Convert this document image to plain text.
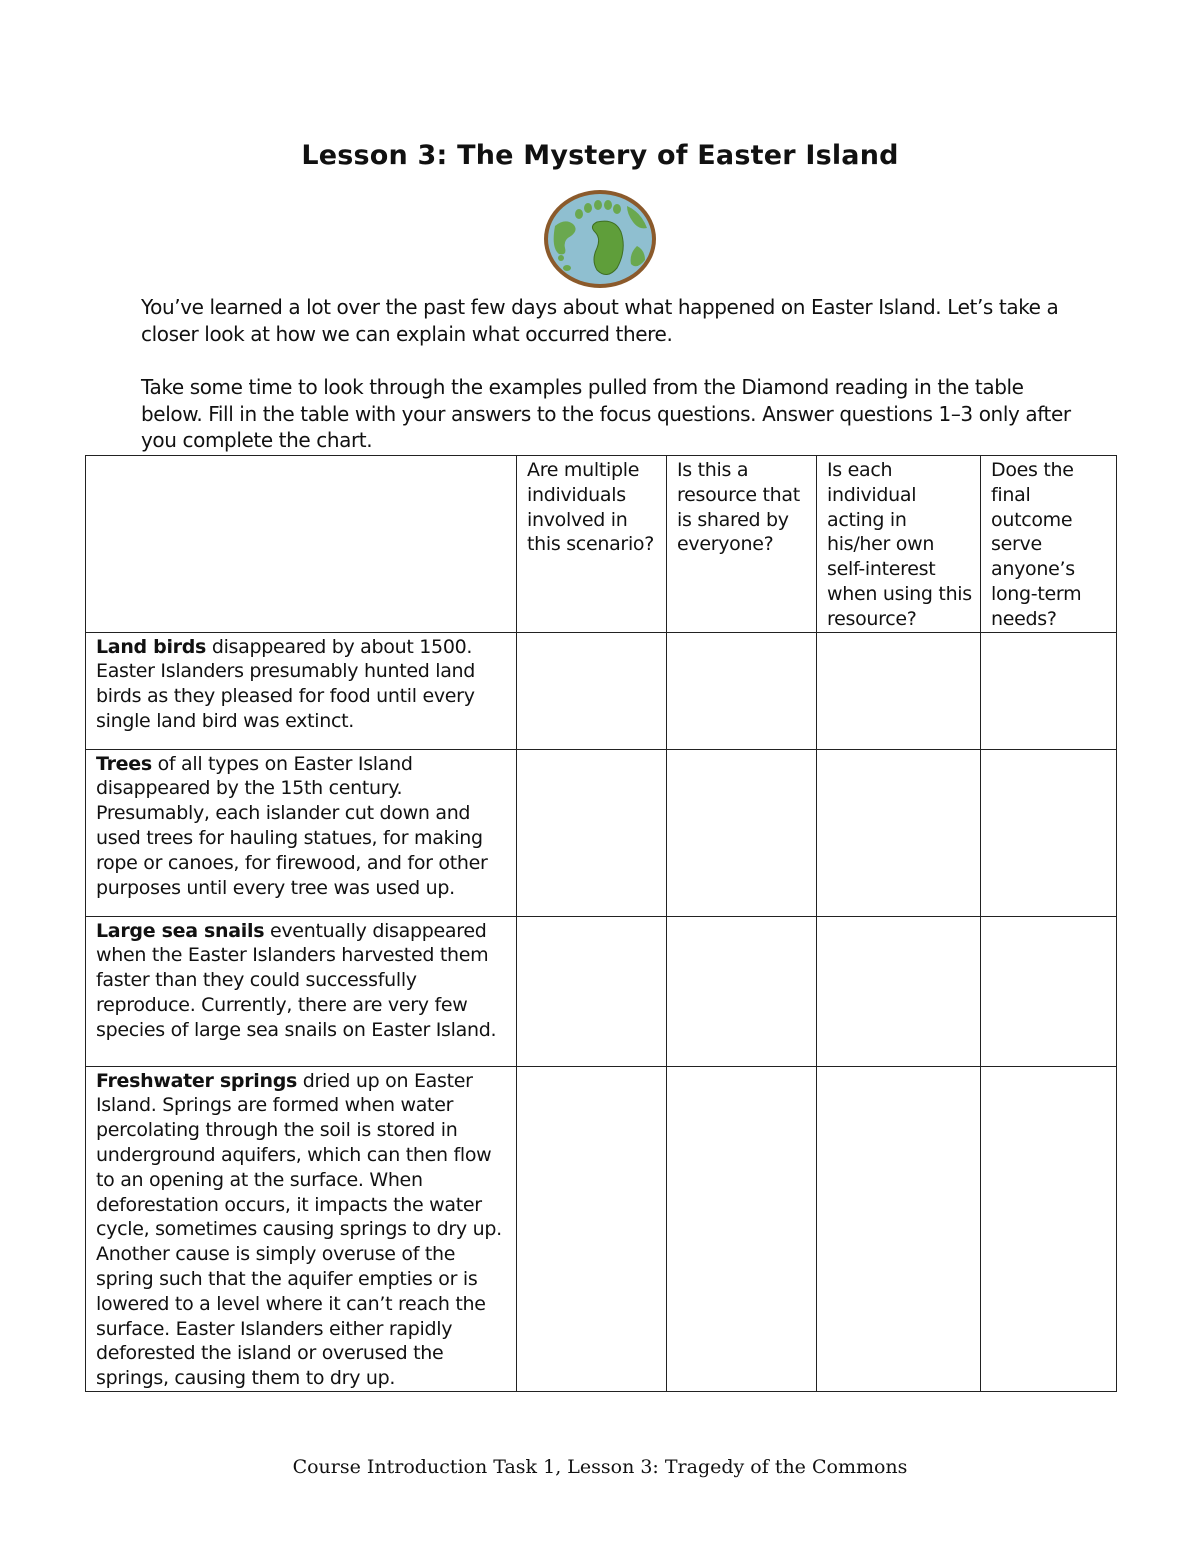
Lesson 3: The Mystery of Easter Island

You’ve learned a lot over the past few days about what happened on Easter Island. Let’s take a closer look at how we can explain what occurred there.

Take some time to look through the examples pulled from the Diamond reading in the table below. Fill in the table with your answers to the focus questions. Answer questions 1–3 only after you complete the chart.

	Are multiple individuals involved in this scenario?	Is this a resource that is shared by everyone?	Is each individual acting in his/her own self-interest when using this resource?	Does the final outcome serve anyone’s long-term needs?
Land birds disappeared by about 1500. Easter Islanders presumably hunted land birds as they pleased for food until every single land bird was extinct.				
Trees of all types on Easter Island disappeared by the 15th century. Presumably, each islander cut down and used trees for hauling statues, for making rope or canoes, for firewood, and for other purposes until every tree was used up.				
Large sea snails eventually disappeared when the Easter Islanders harvested them faster than they could successfully reproduce. Currently, there are very few species of large sea snails on Easter Island.				
Freshwater springs dried up on Easter Island. Springs are formed when water percolating through the soil is stored in underground aquifers, which can then flow to an opening at the surface. When deforestation occurs, it impacts the water cycle, sometimes causing springs to dry up. Another cause is simply overuse of the spring such that the aquifer empties or is lowered to a level where it can’t reach the surface. Easter Islanders either rapidly deforested the island or overused the springs, causing them to dry up.				
Course Introduction Task 1, Lesson 3: Tragedy of the Commons
